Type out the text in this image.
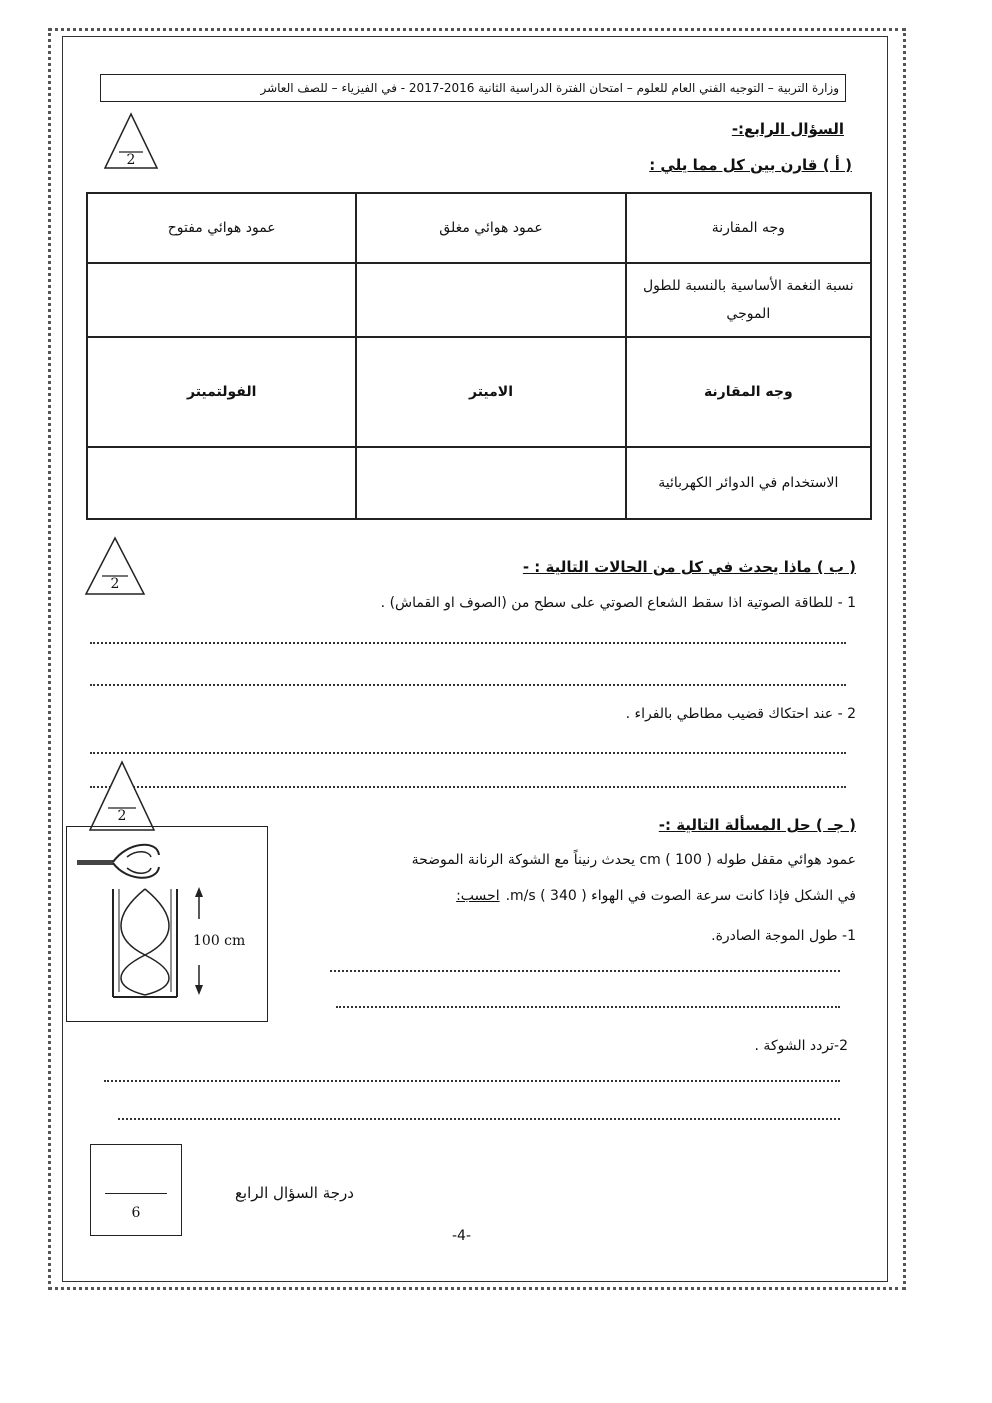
وزارة التربية – التوجيه الفني العام للعلوم – امتحان الفترة الدراسية الثانية 2016-2017 - في الفيزياء – للصف العاشر
2
السؤال الرابع:-
( أ ) قارن بين كل مما يلي :
وجه المقارنة	عمود هوائي مغلق	عمود هوائي مفتوح
نسبة النغمة الأساسية بالنسبة للطول الموجي		
وجه المقارنة	الاميتر	الفولتميتر
الاستخدام في الدوائر الكهربائية		
2
( ب ) ماذا يحدث في كل من الحالات التالية : -
1 - للطاقة الصوتية اذا سقط الشعاع الصوتي على سطح من (الصوف او القماش) .
2 - عند احتكاك قضيب مطاطي بالفراء .
2
100 cm
( جـ ) حل المسألة التالية :-
عمود هوائي مقفل طوله cm ( 100 ) يحدث رنيناً مع الشوكة الرنانة الموضحة
في الشكل فإذا كانت سرعة الصوت في الهواء m/s ( 340 ).
احسب:
1- طول الموجة الصادرة.
2-تردد الشوكة .
6
درجة السؤال الرابع
-4-
